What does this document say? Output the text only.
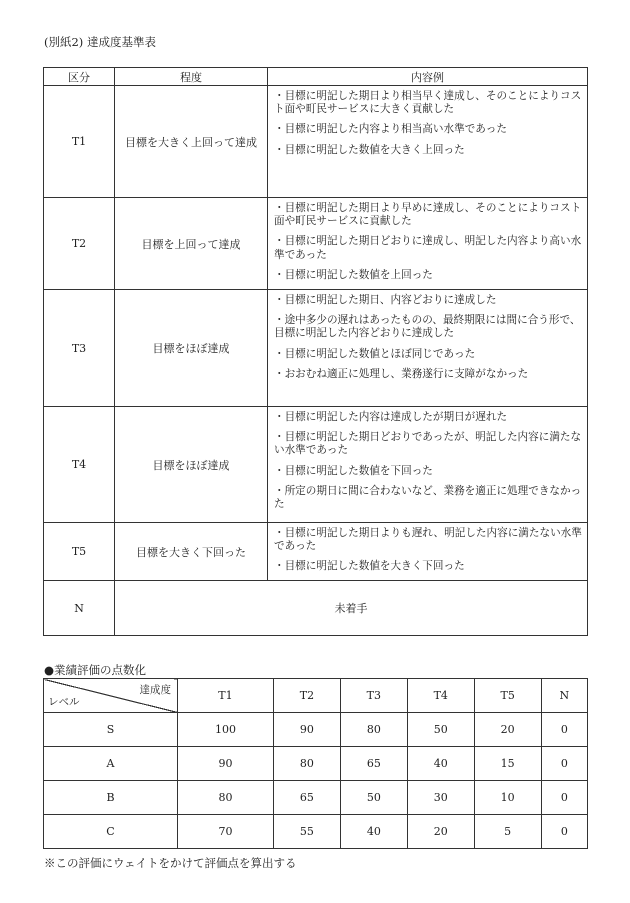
(別紙2) 達成度基準表
区分	程度	内容例
T1	目標を大きく上回って達成	・目標に明記した期日より相当早く達成し、そのことによりコスト面や町民サービスに大きく貢献した
・目標に明記した内容より相当高い水準であった
・目標に明記した数値を大きく上回った

T2	目標を上回って達成	・目標に明記した期日より早めに達成し、そのことによりコスト面や町民サービスに貢献した
・目標に明記した期日どおりに達成し、明記した内容より高い水準であった
・目標に明記した数値を上回った

T3	目標をほぼ達成	・目標に明記した期日、内容どおりに達成した
・途中多少の遅れはあったものの、最終期限には間に合う形で、目標に明記した内容どおりに達成した
・目標に明記した数値とほぼ同じであった
・おおむね適正に処理し、業務遂行に支障がなかった

T4	目標をほぼ達成	・目標に明記した内容は達成したが期日が遅れた
・目標に明記した期日どおりであったが、明記した内容に満たない水準であった
・目標に明記した数値を下回った
・所定の期日に間に合わないなど、業務を適正に処理できなかった

T5	目標を大きく下回った	・目標に明記した期日よりも遅れ、明記した内容に満たない水準であった
・目標に明記した数値を大きく下回った

N	未着手	
●業績評価の点数化
達成度
レベル	T1	T2	T3	T4	T5	N
S	100	90	80	50	20	0
A	90	80	65	40	15	0
B	80	65	50	30	10	0
C	70	55	40	20	5	0
※この評価にウェイトをかけて評価点を算出する
